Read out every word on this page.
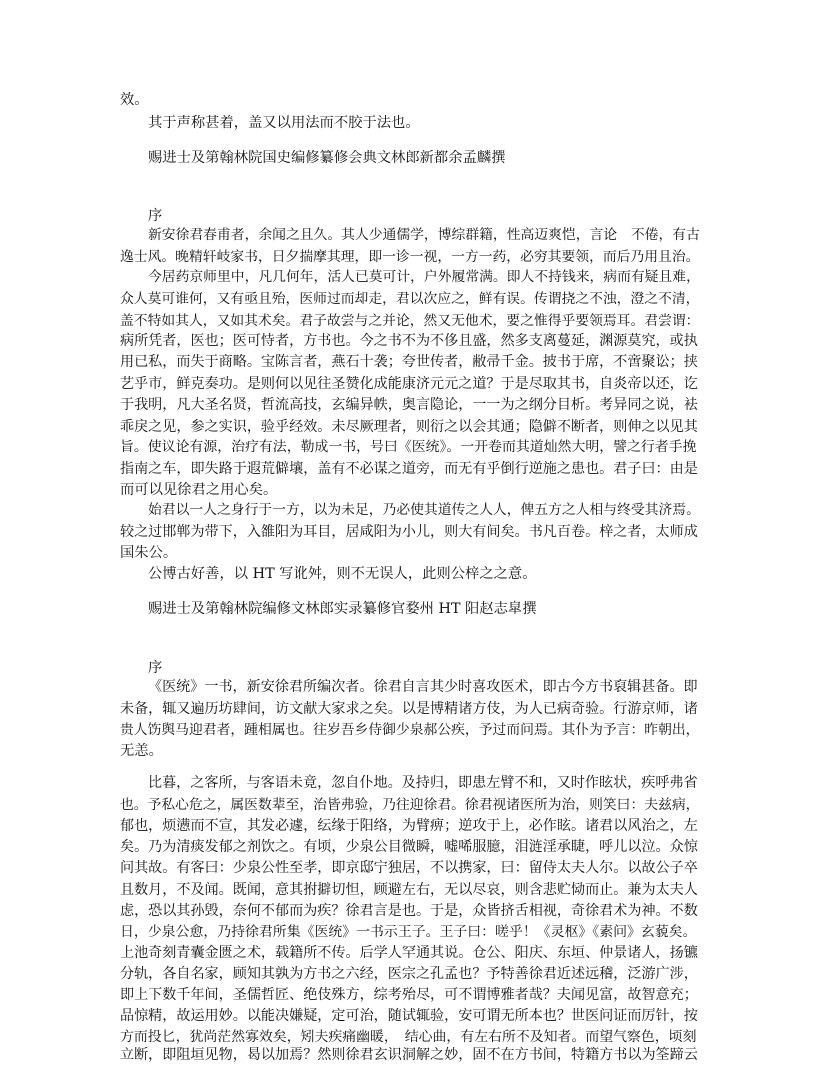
效。
其于声称甚着，盖又以用法而不胶于法也。
赐进士及第翰林院国史编修纂修会典文林郎新都余孟麟撰
序
新安徐君春甫者，余闻之且久。其人少通儒学，博综群籍，性高迈爽恺，言论　不倦，有古
逸士风。晚精轩岐家书，日夕揣摩其理，即一诊一视，一方一药，必穷其要领，而后乃用且治。
今居药京师里中，凡几何年，活人已莫可计，户外履常满。即人不持钱来，病而有疑且难，
众人莫可谁何，又有亟且殆，医师过而却走，君以次应之，鲜有误。传谓挠之不浊，澄之不清，
盖不特如其人，又如其术矣。君子故尝与之并论，然又无他术，要之惟得乎要领焉耳。君尝谓：
病所凭者，医也；医可恃者，方书也。今之书不为不侈且盛，然多支离蔓延，渊源莫究，或执
用已私，而失于商略。宝陈言者，燕石十袭；夸世传者，敝帚千金。披书于席，不啻聚讼；挟
艺乎市，鲜克奏功。是则何以见往圣赞化成能康济元元之道？于是尽取其书，自炎帝以还，讫
于我明，凡大圣名贤，哲流高技，玄编异帙，奥言隐论，一一为之纲分目析。考异同之说，袪
乖戾之见，参之实识，验乎经效。未尽厥理者，则衍之以会其通；隐僻不断者，则伸之以见其
旨。使议论有源，治疗有法，勒成一书，号曰《医统》。一开卷而其道灿然大明，譬之行者手挽
指南之车，即失路于遐荒僻壤，盖有不必谋之道旁，而无有乎倒行逆施之患也。君子曰：由是
而可以见徐君之用心矣。
始君以一人之身行于一方，以为未足，乃必使其道传之人人，俾五方之人相与终受其济焉。
较之过邯郸为带下，入雒阳为耳目，居咸阳为小儿，则大有间矣。书凡百卷。梓之者，太师成
国朱公。
公博古好善，以 HT 写讹舛，则不无误人，此则公梓之之意。
赐进士及第翰林院编修文林郎实录纂修官婺州 HT 阳赵志皐撰
序
《医统》一书，新安徐君所编次者。徐君自言其少时喜攻医术，即古今方书裒辑甚备。即
未备，辄又遍历坊肆间，访文献大家求之矣。以是博精诸方伎，为人已病奇验。行游京师，诸
贵人饬舆马迎君者，踵相属也。往岁吾乡侍御少泉郝公疾，予过而问焉。其仆为予言：昨朝出，
无恙。
比暮，之客所，与客语未竟，忽自仆地。及持归，即患左臂不和，又时作眩状，疾呼弗省
也。予私心危之，属医数辈至，治皆弗验，乃往迎徐君。徐君视诸医所为治，则笑曰：夫兹病，
郁也，烦懑而不宣，其发必遽，纭缘于阳络，为臂痹；逆攻于上，必作眩。诸君以风治之，左
矣。乃为清痰发郁之剂饮之。有顷，少泉公目微瞬，嘘唏服臆，泪涟淫承睫，呼儿以泣。众惊
问其故。有客曰：少泉公性至孝，即京邸宁独居，不以携家，曰：留侍太夫人尔。以故公子卒
且数月，不及闻。既闻，意其拊擗切怛，顾避左右，无以尽哀，则含悲贮恸而止。兼为太夫人
虑，恐以其孙毁，奈何不郁而为疾？徐君言是也。于是，众皆挤舌相视，奇徐君术为神。不数
日，少泉公愈，乃持徐君所集《医统》一书示王子。王子曰：嗟乎！《灵枢》《素问》玄藐矣。
上池奇刻青囊金匮之术，载籍所不传。后学人罕通其说。仓公、阳庆、东垣、仲景诸人，扬镳
分轨，各自名家，顾知其孰为方书之六经，医宗之孔孟也？予特善徐君近述远稽，泛游广涉，
即上下数千年间，圣儒哲匠、绝伎殊方，综考殆尽，可不谓博雅者哉？夫闻见富，故智意充；
品惊精，故运用妙。以能决嫌疑，定可治，随试辄验，安可谓无所本也？世医问证而厉针，按
方而投匕，犹尚茫然寡效矣，矧夫疾痛幽暖，　结心曲，有左右所不及知者。而望气察色，顷刻
立断，即阻垣见物，曷以加焉？然则徐君玄识洞解之妙，固不在方书间，特籍方书以为筌蹄云
